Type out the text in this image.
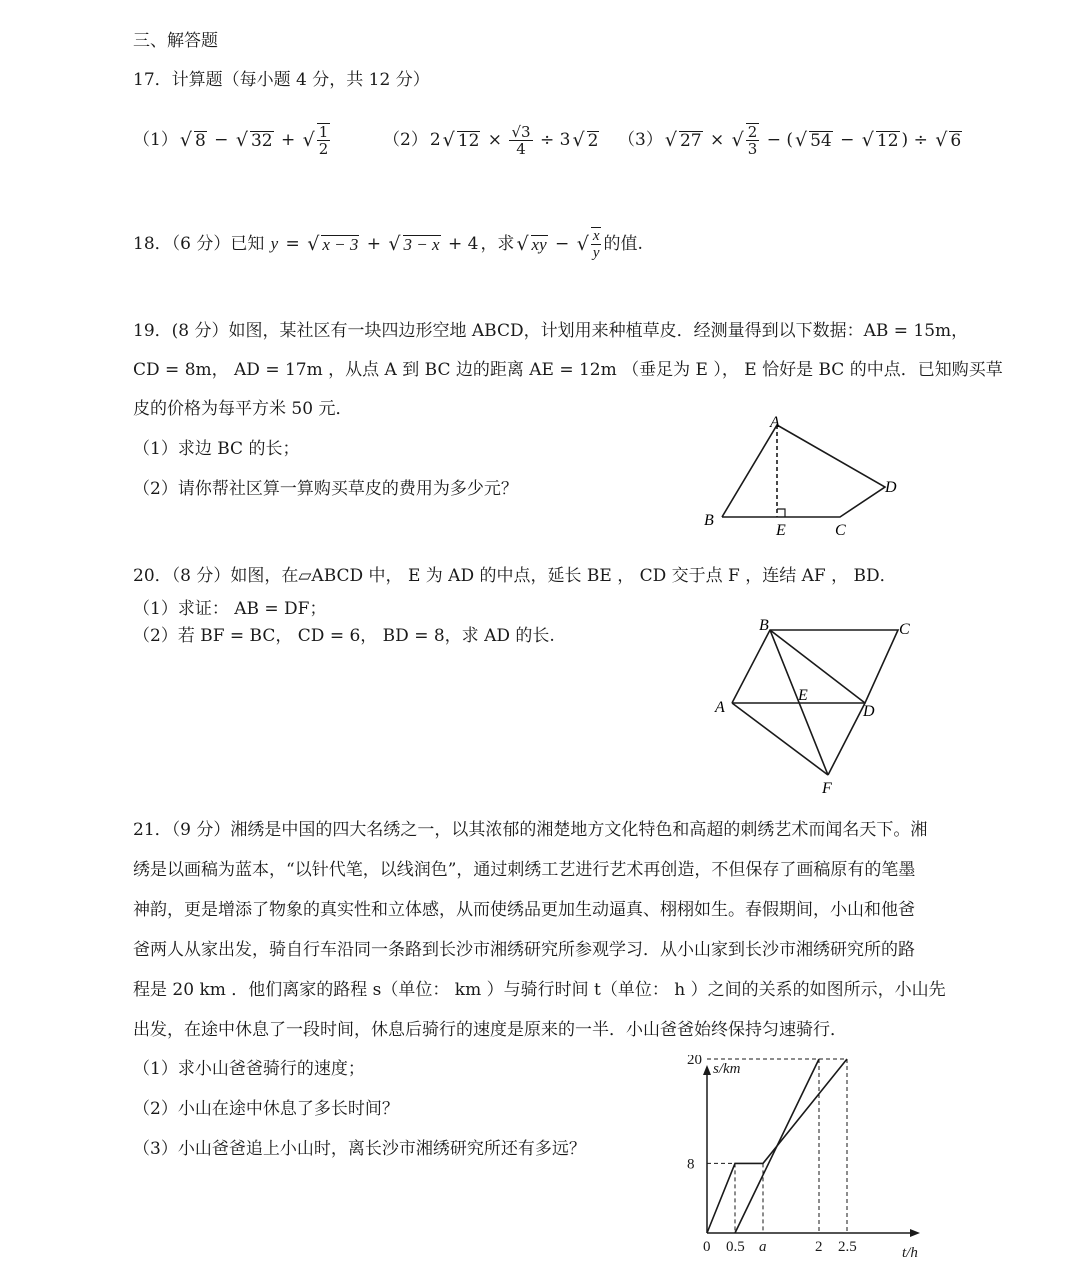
三、解答题
17．计算题（每小题 4 分，共 12 分）
（1） √ 8 − √ 32 + √ $\frac{1}{2}$	（2） 2 √ $12 \times \frac{√3}{4} \div 3$ √ 2 （3） √ 27 × √ $\frac{2}{3}$ − ( √ 54 − √ 12 ) ÷ √ 6
18．（6 分）已知 y = √ x − 3 + √ 3 − x + 4 ，求 √ xy − √ $\frac{x}{y}$ 的值.
19．(8 分）如图，某社区有一块四边形空地 ABCD，计划用来种植草皮．经测量得到以下数据：AB = 15m，
CD = 8m， AD = 17m ，从点 A 到 BC 边的距离 AE = 12m （垂足为 E ）， E 恰好是 BC 的中点．已知购买草
皮的价格为每平方米 50 元．
（1）求边 BC 的长；
（2）请你帮社区算一算购买草皮的费用为多少元？
A
B
E	C
D
20．（8 分）如图，在▱ABCD 中， E 为 AD 的中点，延长 BE ， CD 交于点 F ，连结 AF ， BD．
（1）求证： AB = DF；
（2）若 BF = BC， CD = 6， BD = 8，求 AD 的长.
B	C
A
E
D
F
21．（9 分）湘绣是中国的四大名绣之一，以其浓郁的湘楚地方文化特色和高超的刺绣艺术而闻名天下。湘
绣是以画稿为蓝本，“以针代笔，以线润色”，通过刺绣工艺进行艺术再创造，不但保存了画稿原有的笔墨
神韵，更是增添了物象的真实性和立体感，从而使绣品更加生动逼真、栩栩如生。春假期间，小山和他爸
爸两人从家出发，骑自行车沿同一条路到长沙市湘绣研究所参观学习．从小山家到长沙市湘绣研究所的路
程是 20 km ．他们离家的路程 s（单位： km ）与骑行时间 t（单位： h ）之间的关系的如图所示，小山先
出发，在途中休息了一段时间，休息后骑行的速度是原来的一半．小山爸爸始终保持匀速骑行．
（1）求小山爸爸骑行的速度；
（2）小山在途中休息了多长时间？
（3）小山爸爸追上小山时，离长沙市湘绣研究所还有多远？
t/h
s/km
0 0.5 a	2 2.5
8
20
